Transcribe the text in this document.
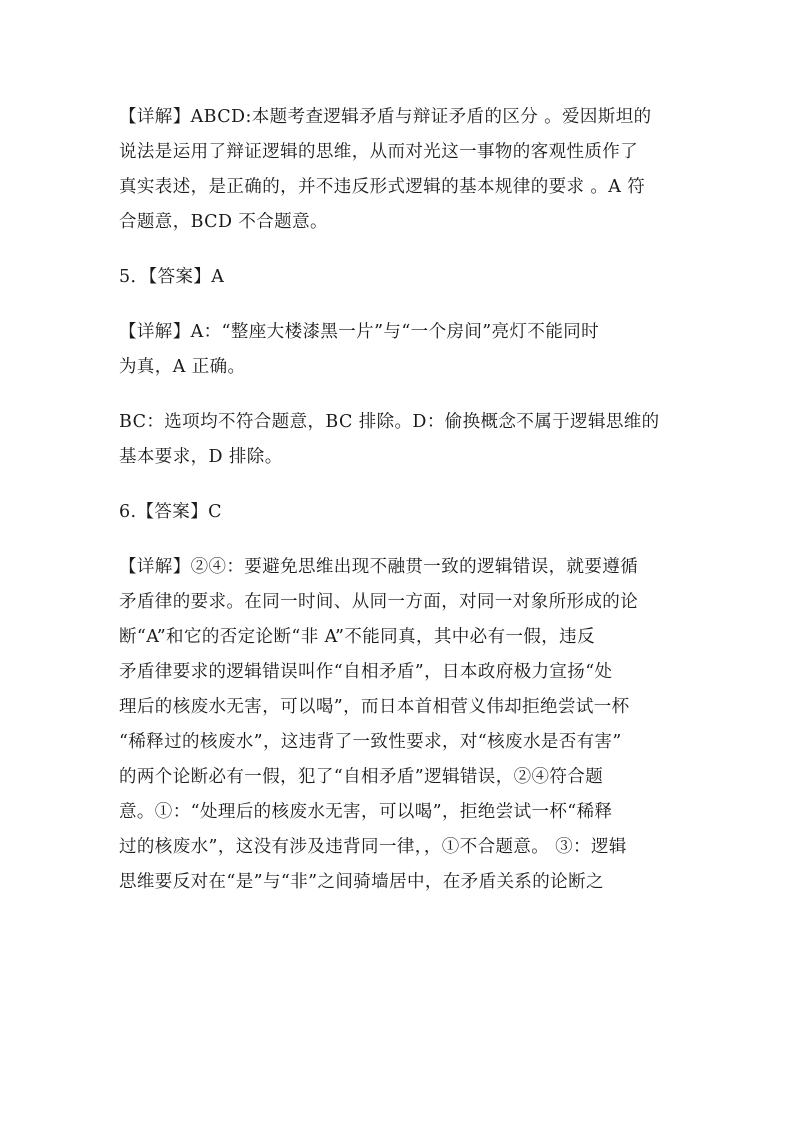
【详解】ABCD:本题考查逻辑矛盾与辩证矛盾的区分 。爱因斯坦的
说法是运用了辩证逻辑的思维，从而对光这一事物的客观性质作了
真实表述，是正确的，并不违反形式逻辑的基本规律的要求 。A 符
合题意，BCD 不合题意。

5．【答案】A

【详解】A：“整座大楼漆黑一片”与“一个房间”亮灯不能同时
为真，A 正确。

BC：选项均不符合题意，BC 排除。D：偷换概念不属于逻辑思维的
基本要求，D 排除。

6.【答案】C

【详解】②④：要避免思维出现不融贯一致的逻辑错误，就要遵循
矛盾律的要求。在同一时间、从同一方面，对同一对象所形成的论
断“A”和它的否定论断“非 A”不能同真，其中必有一假，违反
矛盾律要求的逻辑错误叫作“自相矛盾”，日本政府极力宣扬“处
理后的核废水无害，可以喝”，而日本首相菅义伟却拒绝尝试一杯
“稀释过的核废水”，这违背了一致性要求，对“核废水是否有害”
的两个论断必有一假，犯了“自相矛盾”逻辑错误，②④符合题
意。①：“处理后的核废水无害，可以喝”，拒绝尝试一杯“稀释
过的核废水”，这没有涉及违背同一律，，①不合题意。 ③：逻辑
思维要反对在“是”与“非”之间骑墙居中，在矛盾关系的论断之
